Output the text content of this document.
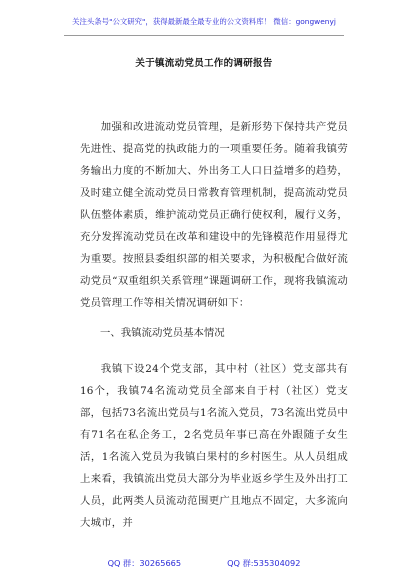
关注头条号"公文研究"，获得最新最全最专业的公文资料库！ 微信：gongwenyj
关于镇流动党员工作的调研报告
加强和改进流动党员管理，是新形势下保持共产党员先进性、提高党的执政能力的一项重要任务。随着我镇劳务输出力度的不断加大、外出务工人口日益增多的趋势，及时建立健全流动党员日常教育管理机制，提高流动党员队伍整体素质，维护流动党员正确行使权利，履行义务，充分发挥流动党员在改革和建设中的先锋模范作用显得尤为重要。按照县委组织部的相关要求，为积极配合做好流动党员“双重组织关系管理”课题调研工作，现将我镇流动党员管理工作等相关情况调研如下：
一、我镇流动党员基本情况
我镇下设24个党支部，其中村（社区）党支部共有16个，我镇74名流动党员全部来自于村（社区）党支部，包括73名流出党员与1名流入党员，73名流出党员中有71名在私企务工，2名党员年事已高在外跟随子女生活，1名流入党员为我镇白果村的乡村医生。从人员组成上来看，我镇流出党员大部分为毕业返乡学生及外出打工人员，此两类人员流动范围更广且地点不固定，大多流向大城市，并
QQ 群：30265665	QQ 群:535304092
